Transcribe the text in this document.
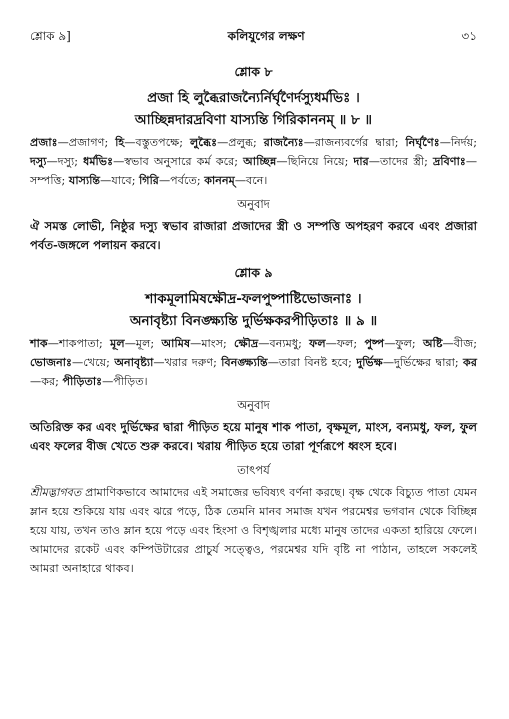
শ্লোক ৯]	কলিযুগের লক্ষণ	৩১
শ্লোক ৮
প্রজা হি লুব্ধৈরাজন্যৈর্নির্ঘৃণৈর্দস্যুধর্মভিঃ ।
আচ্ছিন্নদারদ্রবিণা যাস্যন্তি গিরিকাননম্‌ ॥ ৮ ॥
প্রজাঃ—প্রজাগণ; হি—বস্তুতপক্ষে; লুব্ধৈঃ—প্রলুব্ধ; রাজন্যৈঃ—রাজন্যবর্গের দ্বারা; নির্ঘৃণৈঃ—নির্দয়; দস্যু—দস্যু; ধর্মভিঃ—স্বভাব অনুসারে কর্ম করে; আচ্ছিন্ন—ছিনিয়ে নিয়ে; দার—তাদের স্ত্রী; দ্রবিণাঃ—সম্পত্তি; যাস্যন্তি—যাবে; গিরি—পর্বতে; কাননম্‌—বনে।
অনুবাদ
ঐ সমস্ত লোভী, নিষ্ঠুর দস্যু স্বভাব রাজারা প্রজাদের স্ত্রী ও সম্পত্তি অপহরণ করবে এবং প্রজারা পর্বত-জঙ্গলে পলায়ন করবে।
শ্লোক ৯
শাকমূলামিষক্ষৌদ্র-ফলপুষ্পাষ্টিভোজনাঃ ।
অনাবৃষ্ট্যা বিনঙ্ক্ষ্যন্তি দুর্ভিক্ষকরপীড়িতাঃ ॥ ৯ ॥
শাক—শাকপাতা; মূল—মূল; আমিষ—মাংস; ক্ষৌদ্র—বন্যমধু; ফল—ফল; পুষ্প—ফুল; অষ্টি—বীজ; ভোজনাঃ—খেয়ে; অনাবৃষ্ট্যা—খরার দরুণ; বিনঙ্ক্ষ্যন্তি—তারা বিনষ্ট হবে; দুর্ভিক্ষ—দুর্ভিক্ষের দ্বারা; কর—কর; পীড়িতাঃ—পীড়িত।
অনুবাদ
অতিরিক্ত কর এবং দুর্ভিক্ষের দ্বারা পীড়িত হয়ে মানুষ শাক পাতা, বৃক্ষমূল, মাংস, বন্যমধু, ফল, ফুল এবং ফলের বীজ খেতে শুরু করবে। খরায় পীড়িত হয়ে তারা পূর্ণরূপে ধ্বংস হবে।
তাৎপর্য
শ্রীমদ্ভাগবত প্রামাণিকভাবে আমাদের এই সমাজের ভবিষ্যৎ বর্ণনা করছে। বৃক্ষ থেকে বিচ্যুত পাতা যেমন ম্লান হয়ে শুকিয়ে যায় এবং ঝরে পড়ে, ঠিক তেমনি মানব সমাজ যখন পরমেশ্বর ভগবান থেকে বিচ্ছিন্ন হয়ে যায়, তখন তাও ম্লান হয়ে পড়ে এবং হিংসা ও বিশৃঙ্খলার মধ্যে মানুষ তাদের একতা হারিয়ে ফেলে। আমাদের রকেট এবং কম্পিউটারের প্রাচুর্য সত্ত্বেও, পরমেশ্বর যদি বৃষ্টি না পাঠান, তাহলে সকলেই আমরা অনাহারে থাকব।
